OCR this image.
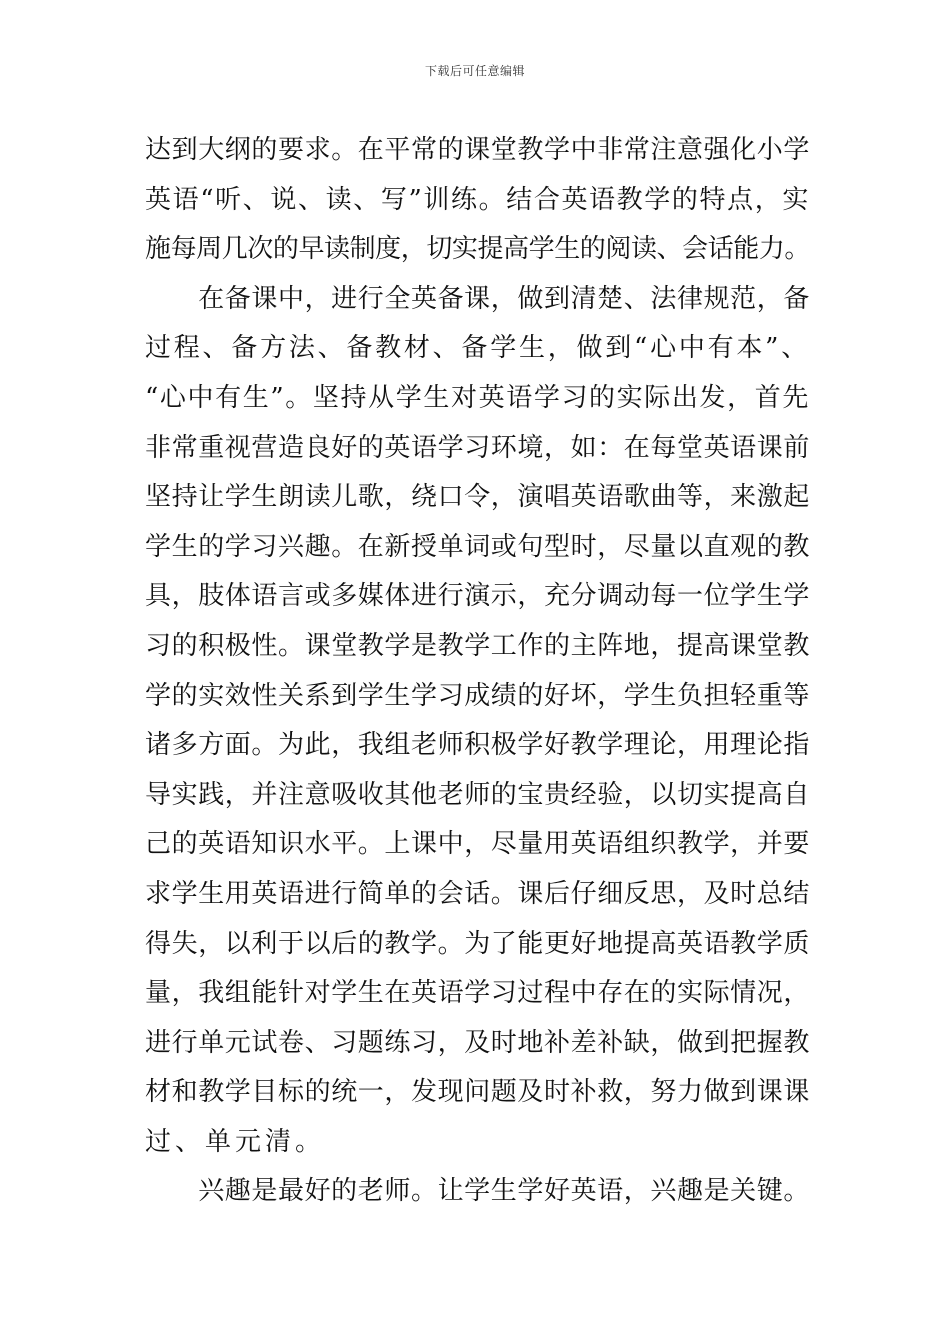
下载后可任意编辑
达到大纲的要求。在平常的课堂教学中非常注意强化小学
英语“听、说、读、写”训练。结合英语教学的特点，实
施每周几次的早读制度，切实提高学生的阅读、会话能力。
在备课中，进行全英备课，做到清楚、法律规范，备
过程、备方法、备教材、备学生，做到“心中有本”、
“心中有生”。坚持从学生对英语学习的实际出发，首先
非常重视营造良好的英语学习环境，如：在每堂英语课前
坚持让学生朗读儿歌，绕口令，演唱英语歌曲等，来激起
学生的学习兴趣。在新授单词或句型时，尽量以直观的教
具，肢体语言或多媒体进行演示，充分调动每一位学生学
习的积极性。课堂教学是教学工作的主阵地，提高课堂教
学的实效性关系到学生学习成绩的好坏，学生负担轻重等
诸多方面。为此，我组老师积极学好教学理论，用理论指
导实践，并注意吸收其他老师的宝贵经验，以切实提高自
己的英语知识水平。上课中，尽量用英语组织教学，并要
求学生用英语进行简单的会话。课后仔细反思，及时总结
得失，以利于以后的教学。为了能更好地提高英语教学质
量，我组能针对学生在英语学习过程中存在的实际情况，
进行单元试卷、习题练习，及时地补差补缺，做到把握教
材和教学目标的统一，发现问题及时补救，努力做到课课
过、单元清。
兴趣是最好的老师。让学生学好英语，兴趣是关键。
